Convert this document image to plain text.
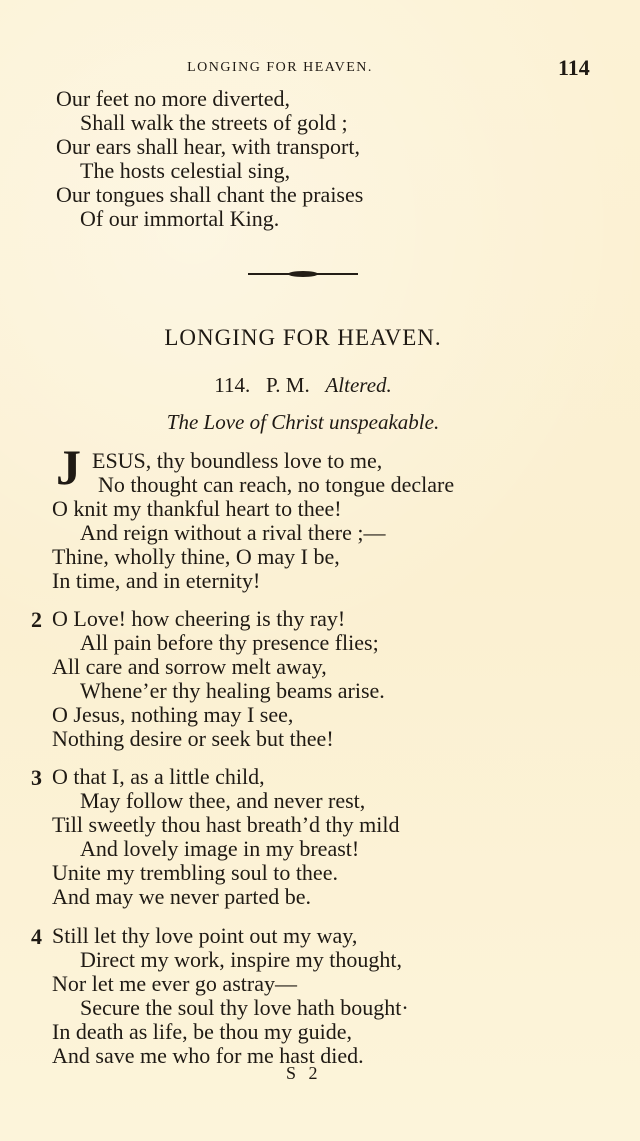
LONGING FOR HEAVEN.	114
Our feet no more diverted,
Shall walk the streets of gold ;
Our ears shall hear, with transport,
The hosts celestial sing,
Our tongues shall chant the praises
Of our immortal King.
LONGING FOR HEAVEN.
114. P. M. Altered.
The Love of Christ unspeakable.
J ESUS, thy boundless love to me,
No thought can reach, no tongue declare
O knit my thankful heart to thee!
And reign without a rival there ;—
Thine, wholly thine, O may I be,
In time, and in eternity!
2 O Love! how cheering is thy ray!
All pain before thy presence flies;
All care and sorrow melt away,
Whene’er thy healing beams arise.
O Jesus, nothing may I see,
Nothing desire or seek but thee!
3 O that I, as a little child,
May follow thee, and never rest,
Till sweetly thou hast breath’d thy mild
And lovely image in my breast!
Unite my trembling soul to thee.
And may we never parted be.
4 Still let thy love point out my way,
Direct my work, inspire my thought,
Nor let me ever go astray—
Secure the soul thy love hath bought·
In death as life, be thou my guide,
And save me who for me hast died.
S 2
